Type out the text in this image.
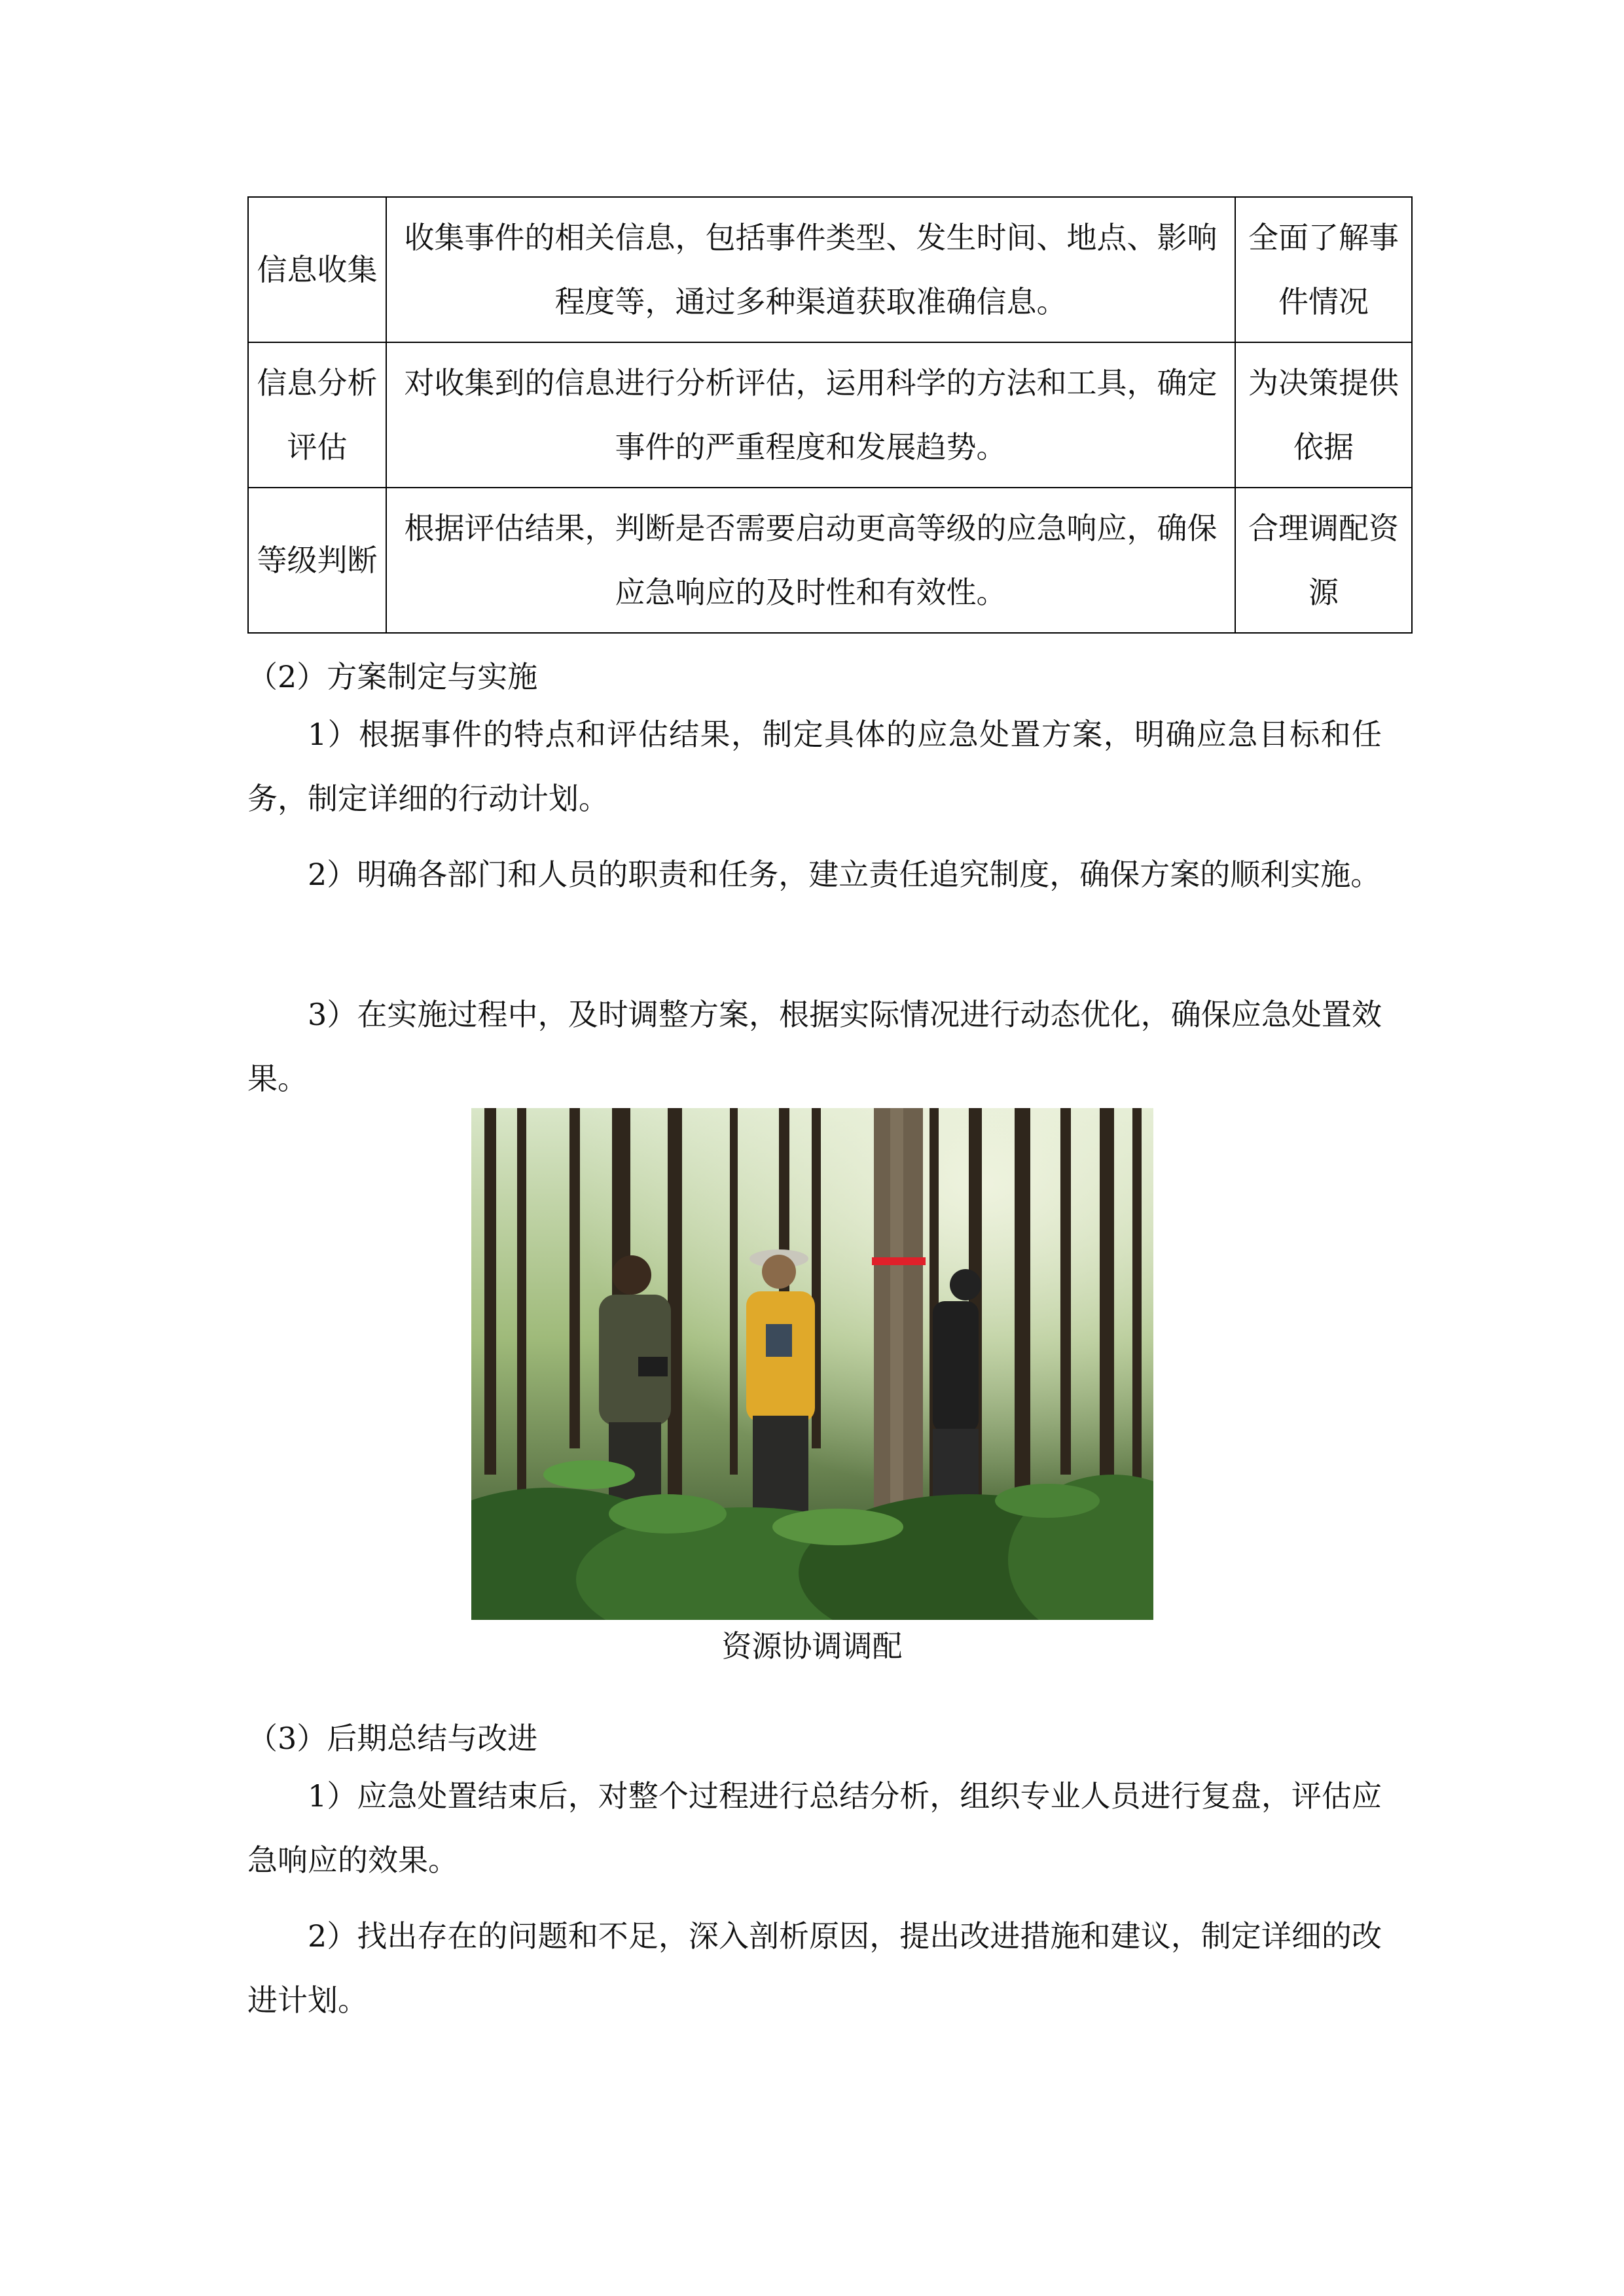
信息收集	收集事件的相关信息，包括事件类型、发生时间、地点、影响程度等，通过多种渠道获取准确信息。	全面了解事件情况
信息分析评估	对收集到的信息进行分析评估，运用科学的方法和工具，确定事件的严重程度和发展趋势。	为决策提供依据
等级判断	根据评估结果，判断是否需要启动更高等级的应急响应，确保应急响应的及时性和有效性。	合理调配资源
（2）方案制定与实施
1）根据事件的特点和评估结果，制定具体的应急处置方案，明确应急目标和任务，制定详细的行动计划。
2）明确各部门和人员的职责和任务，建立责任追究制度，确保方案的顺利实施。
3）在实施过程中，及时调整方案，根据实际情况进行动态优化，确保应急处置效果。
资源协调调配
（3）后期总结与改进
1）应急处置结束后，对整个过程进行总结分析，组织专业人员进行复盘，评估应急响应的效果。
2）找出存在的问题和不足，深入剖析原因，提出改进措施和建议，制定详细的改进计划。
